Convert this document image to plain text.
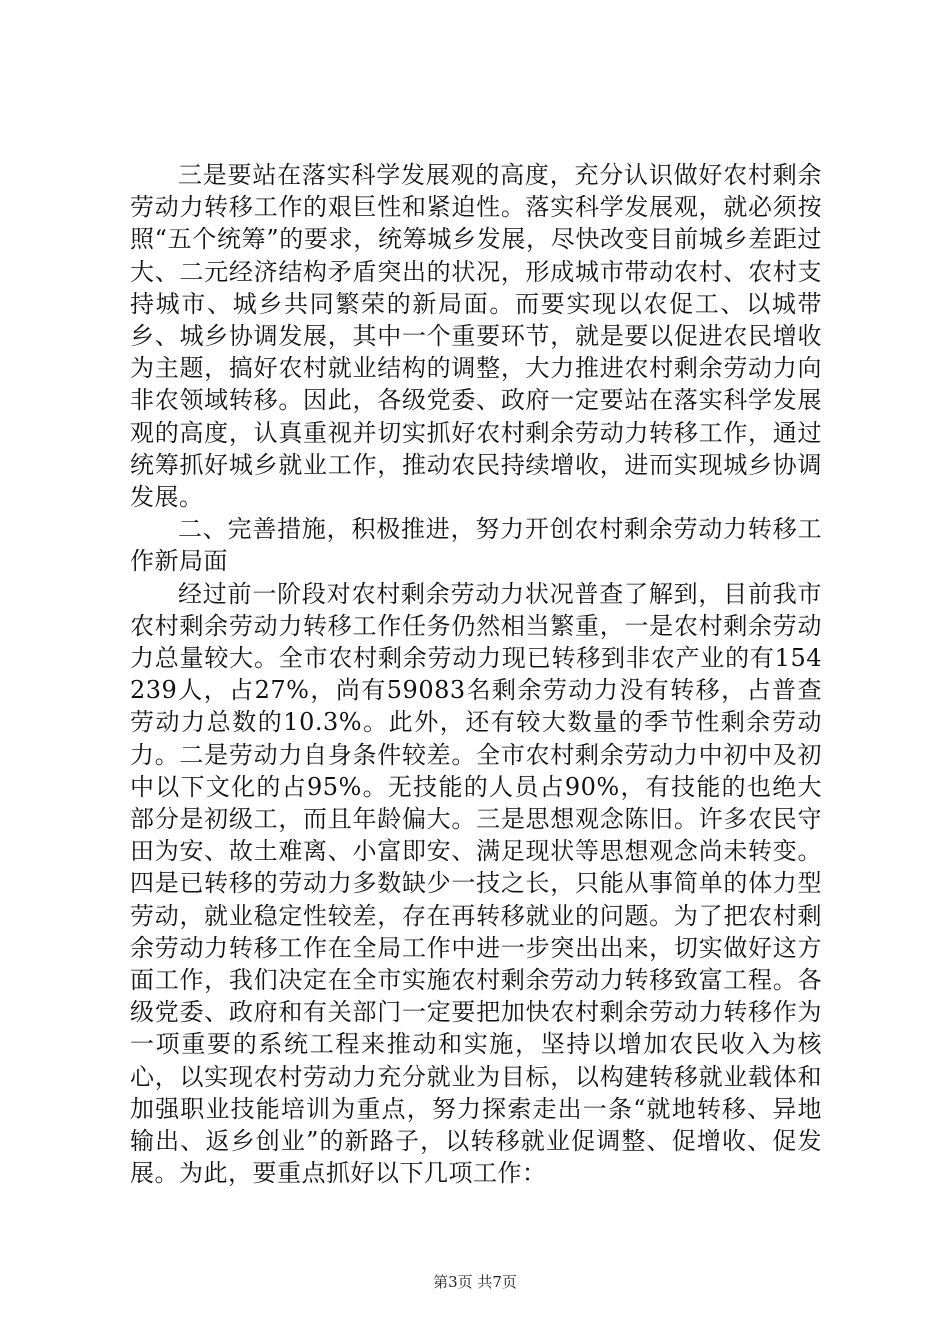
三是要站在落实科学发展观的高度，充分认识做好农村剩余劳动力转移工作的艰巨性和紧迫性。落实科学发展观，就必须按照“五个统筹”的要求，统筹城乡发展，尽快改变目前城乡差距过大、二元经济结构矛盾突出的状况，形成城市带动农村、农村支持城市、城乡共同繁荣的新局面。而要实现以农促工、以城带乡、城乡协调发展，其中一个重要环节，就是要以促进农民增收为主题，搞好农村就业结构的调整，大力推进农村剩余劳动力向非农领域转移。因此，各级党委、政府一定要站在落实科学发展观的高度，认真重视并切实抓好农村剩余劳动力转移工作，通过统筹抓好城乡就业工作，推动农民持续增收，进而实现城乡协调发展。

二、完善措施，积极推进，努力开创农村剩余劳动力转移工作新局面

经过前一阶段对农村剩余劳动力状况普查了解到，目前我市农村剩余劳动力转移工作任务仍然相当繁重，一是农村剩余劳动力总量较大。全市农村剩余劳动力现已转移到非农产业的有154239人，占27%，尚有59083名剩余劳动力没有转移，占普查劳动力总数的10.3%。此外，还有较大数量的季节性剩余劳动力。二是劳动力自身条件较差。全市农村剩余劳动力中初中及初中以下文化的占95%。无技能的人员占90%，有技能的也绝大部分是初级工，而且年龄偏大。三是思想观念陈旧。许多农民守田为安、故土难离、小富即安、满足现状等思想观念尚未转变。四是已转移的劳动力多数缺少一技之长，只能从事简单的体力型劳动，就业稳定性较差，存在再转移就业的问题。为了把农村剩余劳动力转移工作在全局工作中进一步突出出来，切实做好这方面工作，我们决定在全市实施农村剩余劳动力转移致富工程。各级党委、政府和有关部门一定要把加快农村剩余劳动力转移作为一项重要的系统工程来推动和实施，坚持以增加农民收入为核心，以实现农村劳动力充分就业为目标，以构建转移就业载体和加强职业技能培训为重点，努力探索走出一条“就地转移、异地输出、返乡创业”的新路子，以转移就业促调整、促增收、促发展。为此，要重点抓好以下几项工作：

第3页 共7页
